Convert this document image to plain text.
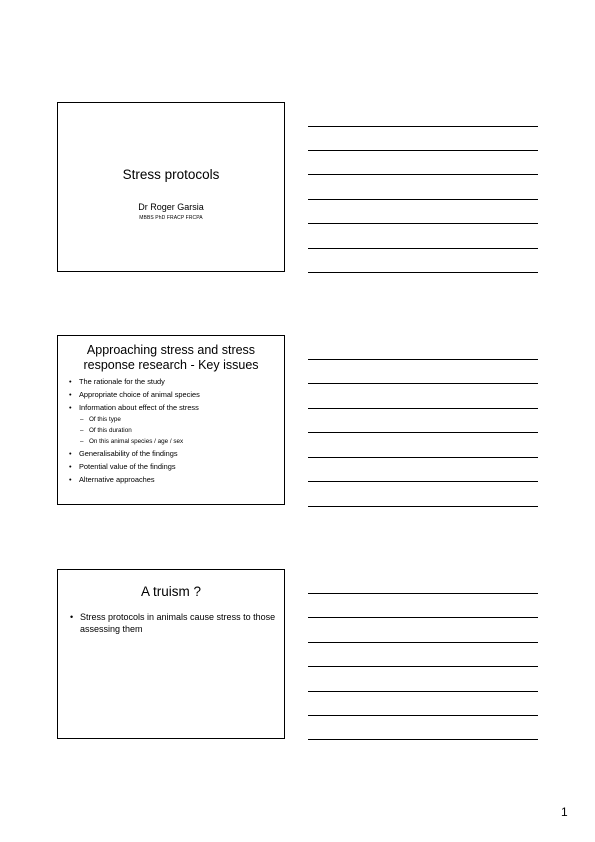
Stress protocols
Dr Roger Garsia
MBBS PhD FRACP FRCPA
Approaching stress and stress
response research - Key issues
• The rationale for the study
• Appropriate choice of animal species
• Information about effect of the stress
– Of this type
– Of this duration
– On this animal species / age / sex
• Generalisability of the findings
• Potential value of the findings
• Alternative approaches
A truism ?
• Stress protocols in animals cause stress to those assessing them
1
